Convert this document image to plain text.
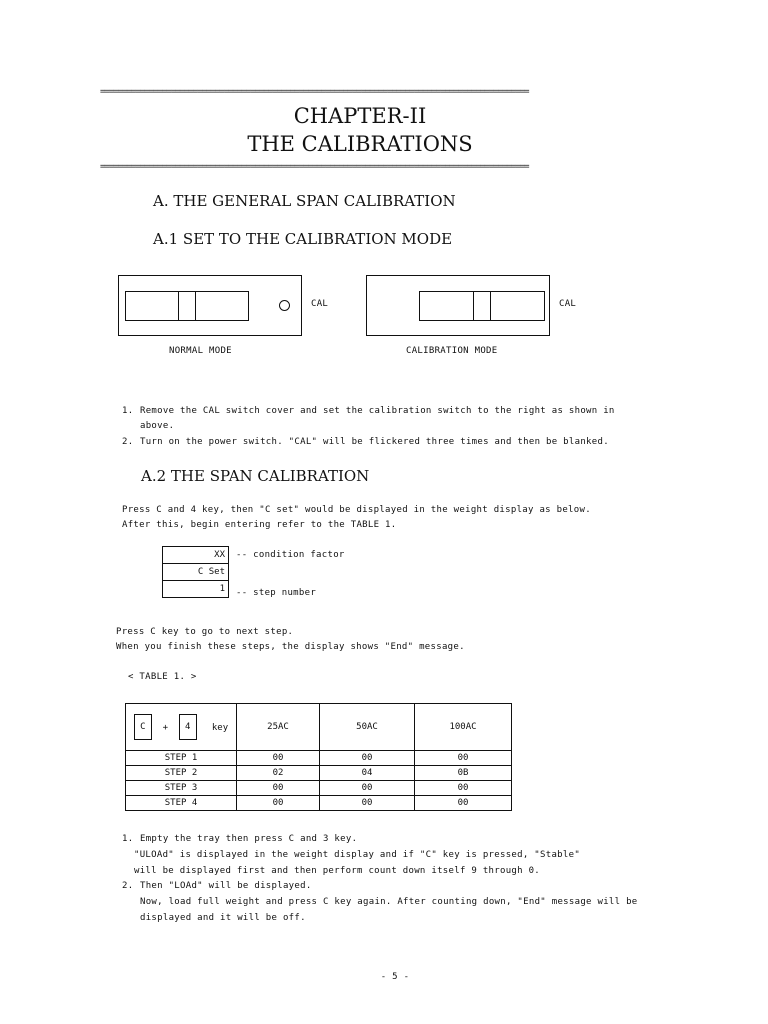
=================================================================================================
CHAPTER-II
THE CALIBRATIONS
=================================================================================================
A. THE GENERAL SPAN CALIBRATION
A.1 SET TO THE CALIBRATION MODE
CAL
NORMAL MODE
CAL
CALIBRATION MODE
1. Remove the CAL switch cover and set the calibration switch to the right as shown in
above.
2. Turn on the power switch. "CAL" will be flickered three times and then be blanked.
A.2 THE SPAN CALIBRATION
Press C and 4 key, then "C set" would be displayed in the weight display as below.
After this, begin entering refer to the TABLE 1.
XX
C Set
1
-- condition factor
-- step number
Press C key to go to next step.
When you finish these steps, the display shows "End" message.
< TABLE 1. >
C + 4 key	25AC	50AC	100AC
STEP 1	00	00	00
STEP 2	02	04	0B
STEP 3	00	00	00
STEP 4	00	00	00
1. Empty the tray then press C and 3 key.
"ULOAd" is displayed in the weight display and if "C" key is pressed, "Stable"
will be displayed first and then perform count down itself 9 through 0.
2. Then "LOAd" will be displayed.
Now, load full weight and press C key again. After counting down, "End" message will be
displayed and it will be off.
- 5 -
